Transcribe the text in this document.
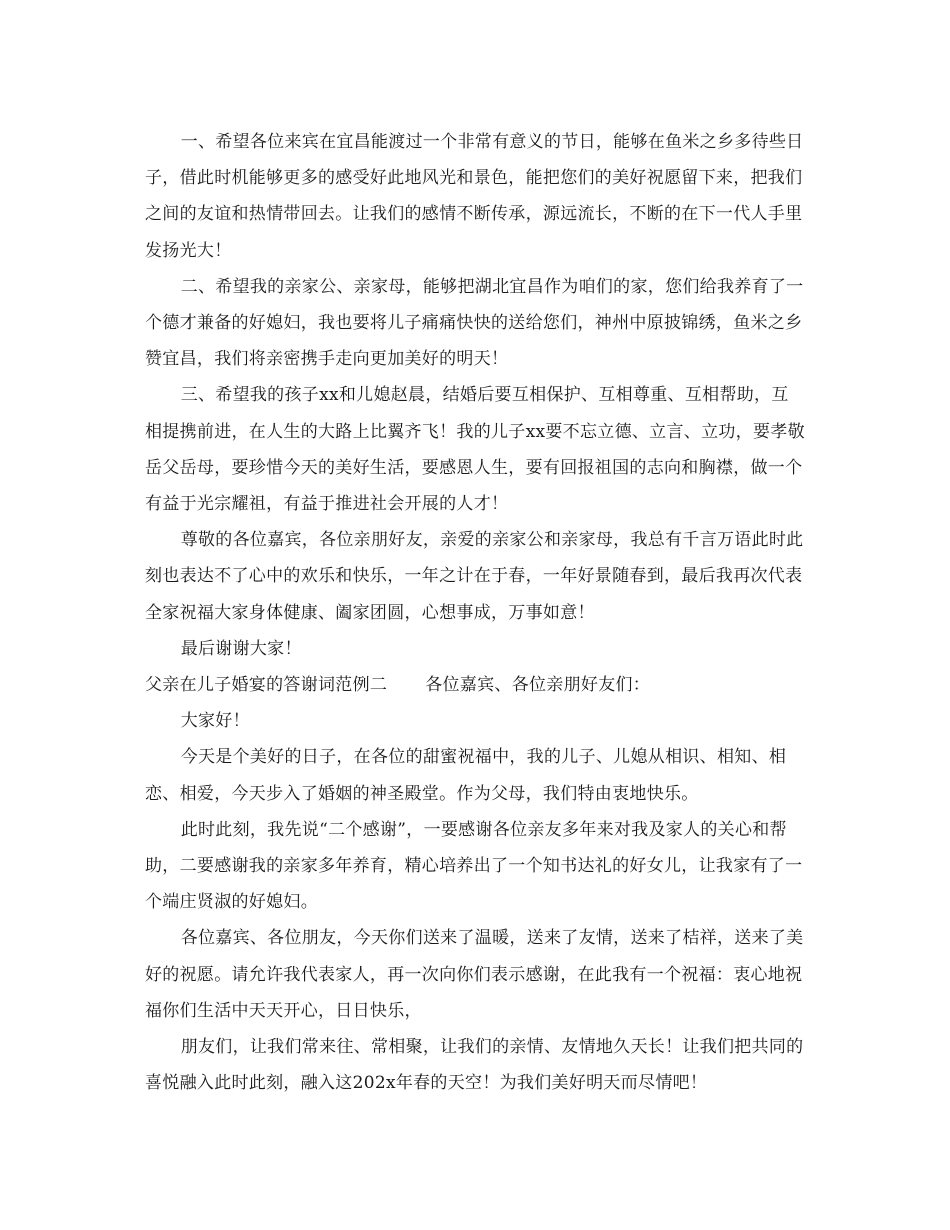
一、希望各位来宾在宜昌能渡过一个非常有意义的节日，能够在鱼米之乡多待些日子，借此时机能够更多的感受好此地风光和景色，能把您们的美好祝愿留下来，把我们之间的友谊和热情带回去。让我们的感情不断传承，源远流长，不断的在下一代人手里发扬光大！

二、希望我的亲家公、亲家母，能够把湖北宜昌作为咱们的家，您们给我养育了一个德才兼备的好媳妇，我也要将儿子痛痛快快的送给您们，神州中原披锦绣，鱼米之乡赞宜昌，我们将亲密携手走向更加美好的明天！

三、希望我的孩子xx和儿媳赵晨，结婚后要互相保护、互相尊重、互相帮助，互相提携前进，在人生的大路上比翼齐飞！我的儿子xx要不忘立德、立言、立功，要孝敬岳父岳母，要珍惜今天的美好生活，要感恩人生，要有回报祖国的志向和胸襟，做一个有益于光宗耀祖，有益于推进社会开展的人才！

尊敬的各位嘉宾，各位亲朋好友，亲爱的亲家公和亲家母，我总有千言万语此时此刻也表达不了心中的欢乐和快乐，一年之计在于春，一年好景随春到，最后我再次代表全家祝福大家身体健康、阖家团圆，心想事成，万事如意！

最后谢谢大家！

父亲在儿子婚宴的答谢词范例二 各位嘉宾、各位亲朋好友们：

大家好！

今天是个美好的日子，在各位的甜蜜祝福中，我的儿子、儿媳从相识、相知、相恋、相爱，今天步入了婚姻的神圣殿堂。作为父母，我们特由衷地快乐。

此时此刻，我先说“二个感谢”，一要感谢各位亲友多年来对我及家人的关心和帮助，二要感谢我的亲家多年养育，精心培养出了一个知书达礼的好女儿，让我家有了一个端庄贤淑的好媳妇。

各位嘉宾、各位朋友，今天你们送来了温暖，送来了友情，送来了桔祥，送来了美好的祝愿。请允许我代表家人，再一次向你们表示感谢，在此我有一个祝福：衷心地祝福你们生活中天天开心，日日快乐，

朋友们，让我们常来往、常相聚，让我们的亲情、友情地久天长！让我们把共同的喜悦融入此时此刻，融入这202x年春的天空！为我们美好明天而尽情吧！
